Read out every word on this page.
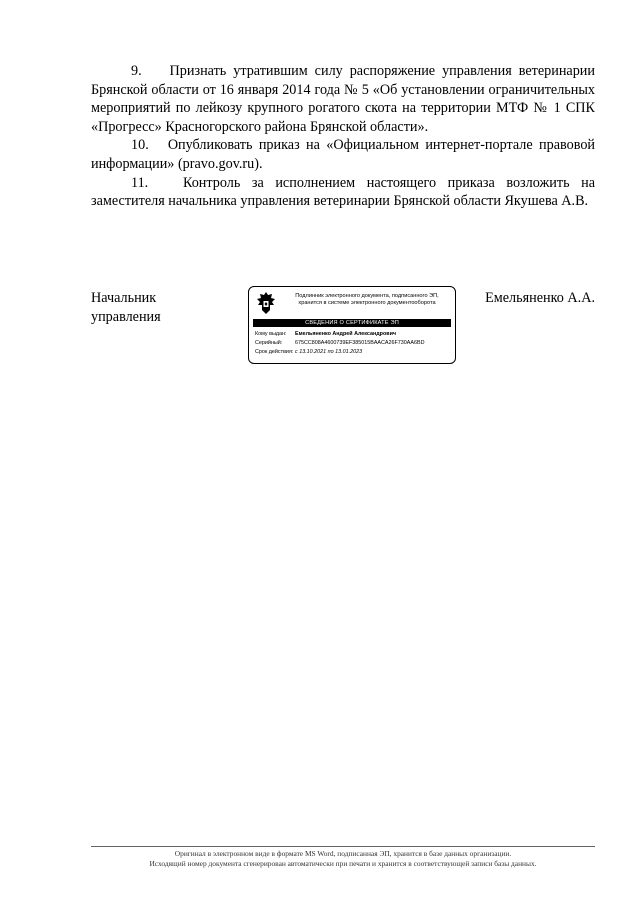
9. Признать утратившим силу распоряжение управления ветеринарии Брянской области от 16 января 2014 года № 5 «Об установлении ограничительных мероприятий по лейкозу крупного рогатого скота на территории МТФ № 1 СПК «Прогресс» Красногорского района Брянской области».

10. Опубликовать приказ на «Официальном интернет-портале правовой информации» (pravo.gov.ru).

11. Контроль за исполнением настоящего приказа возложить на заместителя начальника управления ветеринарии Брянской области Якушева А.В.

Начальник
управления
Подлинник электронного документа, подписанного ЭП,
хранится в системе электронного документооборота
СВЕДЕНИЯ О СЕРТИФИКАТЕ ЭП
Кому выдан: Емельяненко Андрей Александрович
Серийный: 675CC808A4600739EF385015BAACA26F730AA6BD
Срок действия: с 13.10.2021 по 13.01.2023
Емельяненко А.А.
Оригинал в электронном виде в формате MS Word, подписанная ЭП, хранится в базе данных организации.
Исходящий номер документа сгенерирован автоматически при печати и хранится в соответствующей записи базы данных.
